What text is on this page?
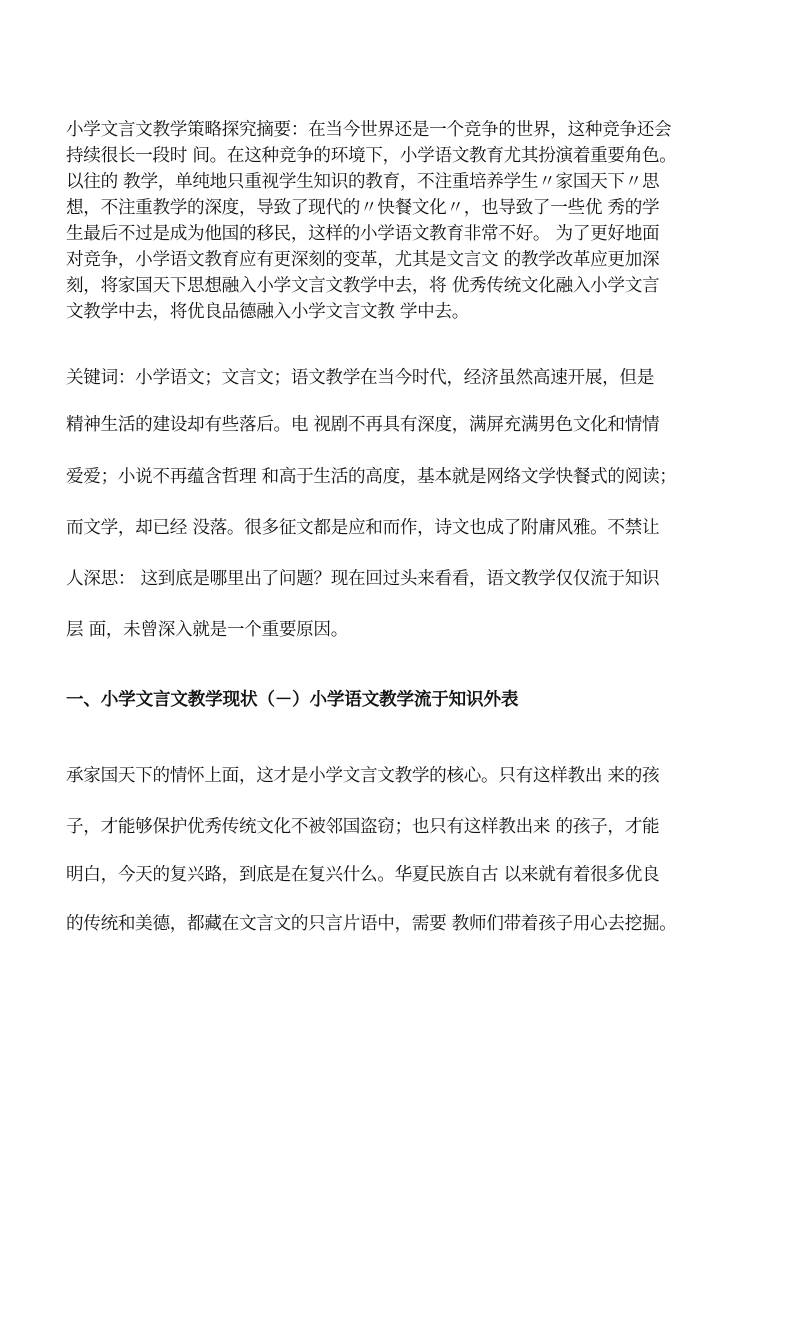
小学文言文教学策略探究摘要：在当今世界还是一个竞争的世界，这种竞争还会
持续很长一段时 间。在这种竞争的环境下，小学语文教育尤其扮演着重要角色。
以往的 教学，单纯地只重视学生知识的教育，不注重培养学生〃家国天下〃思
想，不注重教学的深度，导致了现代的〃快餐文化〃，也导致了一些优 秀的学
生最后不过是成为他国的移民，这样的小学语文教育非常不好。 为了更好地面
对竞争，小学语文教育应有更深刻的变革，尤其是文言文 的教学改革应更加深
刻，将家国天下思想融入小学文言文教学中去，将 优秀传统文化融入小学文言
文教学中去，将优良品德融入小学文言文教 学中去。
关键词：小学语文；文言文；语文教学在当今时代，经济虽然高速开展，但是
精神生活的建设却有些落后。电 视剧不再具有深度，满屏充满男色文化和情情
爱爱；小说不再蕴含哲理 和高于生活的高度，基本就是网络文学快餐式的阅读；
而文学，却已经 没落。很多征文都是应和而作，诗文也成了附庸风雅。不禁让
人深思： 这到底是哪里出了问题？现在回过头来看看，语文教学仅仅流于知识
层 面，未曾深入就是一个重要原因。
一、小学文言文教学现状（－）小学语文教学流于知识外表
承家国天下的情怀上面，这才是小学文言文教学的核心。只有这样教出 来的孩
子，才能够保护优秀传统文化不被邻国盗窃；也只有这样教出来 的孩子，才能
明白，今天的复兴路，到底是在复兴什么。华夏民族自古 以来就有着很多优良
的传统和美德，都藏在文言文的只言片语中，需要 教师们带着孩子用心去挖掘。
